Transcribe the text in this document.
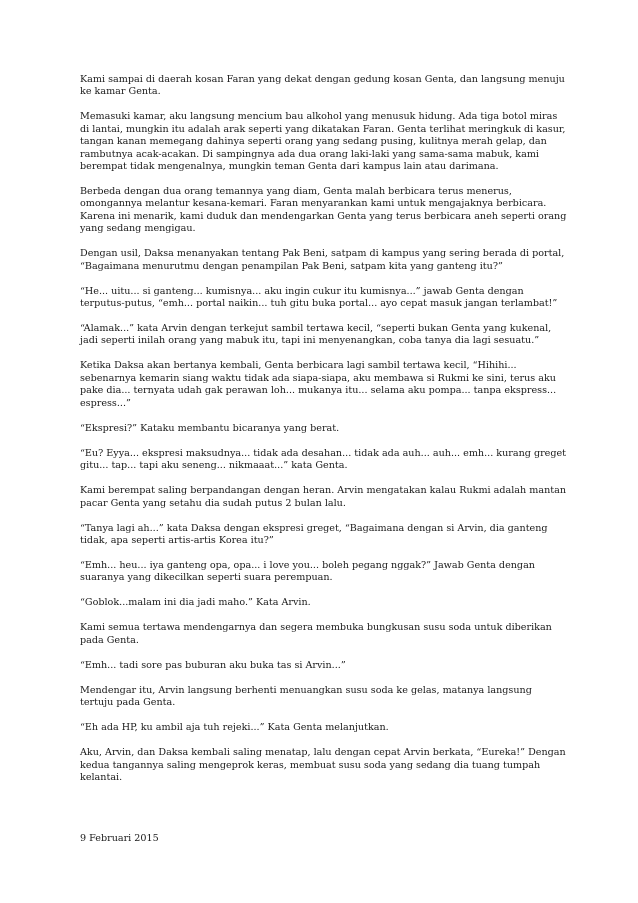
Kami sampai di daerah kosan Faran yang dekat dengan gedung kosan Genta, dan langsung menuju ke kamar Genta.

Memasuki kamar, aku langsung mencium bau alkohol yang menusuk hidung. Ada tiga botol miras di lantai, mungkin itu adalah arak seperti yang dikatakan Faran. Genta terlihat meringkuk di kasur, tangan kanan memegang dahinya seperti orang yang sedang pusing, kulitnya merah gelap, dan rambutnya acak-acakan. Di sampingnya ada dua orang laki-laki yang sama-sama mabuk, kami berempat tidak mengenalnya, mungkin teman Genta dari kampus lain atau darimana.

Berbeda dengan dua orang temannya yang diam, Genta malah berbicara terus menerus, omongannya melantur kesana-kemari. Faran menyarankan kami untuk mengajaknya berbicara. Karena ini menarik, kami duduk dan mendengarkan Genta yang terus berbicara aneh seperti orang yang sedang mengigau.

Dengan usil, Daksa menanyakan tentang Pak Beni, satpam di kampus yang sering berada di portal, “Bagaimana menurutmu dengan penampilan Pak Beni, satpam kita yang ganteng itu?”

“He... uitu... si ganteng... kumisnya... aku ingin cukur itu kumisnya...” jawab Genta dengan terputus-putus, “emh... portal naikin... tuh gitu buka portal... ayo cepat masuk jangan terlambat!”

“Alamak...” kata Arvin dengan terkejut sambil tertawa kecil, “seperti bukan Genta yang kukenal, jadi seperti inilah orang yang mabuk itu, tapi ini menyenangkan, coba tanya dia lagi sesuatu.”

Ketika Daksa akan bertanya kembali, Genta berbicara lagi sambil tertawa kecil, “Hihihi... sebenarnya kemarin siang waktu tidak ada siapa-siapa, aku membawa si Rukmi ke sini, terus aku pake dia... ternyata udah gak perawan loh... mukanya itu... selama aku pompa... tanpa ekspress... espress...”

“Ekspresi?” Kataku membantu bicaranya yang berat.

“Eu? Eyya... ekspresi maksudnya... tidak ada desahan... tidak ada auh... auh... emh... kurang greget gitu... tap... tapi aku seneng... nikmaaat...” kata Genta.

Kami berempat saling berpandangan dengan heran. Arvin mengatakan kalau Rukmi adalah mantan pacar Genta yang setahu dia sudah putus 2 bulan lalu.

“Tanya lagi ah...” kata Daksa dengan ekspresi greget, “Bagaimana dengan si Arvin, dia ganteng tidak, apa seperti artis-artis Korea itu?”

“Emh... heu... iya ganteng opa, opa... i love you... boleh pegang nggak?” Jawab Genta dengan suaranya yang dikecilkan seperti suara perempuan.

“Goblok...malam ini dia jadi maho.” Kata Arvin.

Kami semua tertawa mendengarnya dan segera membuka bungkusan susu soda untuk diberikan pada Genta.

“Emh... tadi sore pas buburan aku buka tas si Arvin...”

Mendengar itu, Arvin langsung berhenti menuangkan susu soda ke gelas, matanya langsung tertuju pada Genta.

“Eh ada HP, ku ambil aja tuh rejeki...” Kata Genta melanjutkan.

Aku, Arvin, dan Daksa kembali saling menatap, lalu dengan cepat Arvin berkata, “Eureka!” Dengan kedua tangannya saling mengeprok keras, membuat susu soda yang sedang dia tuang tumpah kelantai.

9 Februari 2015
